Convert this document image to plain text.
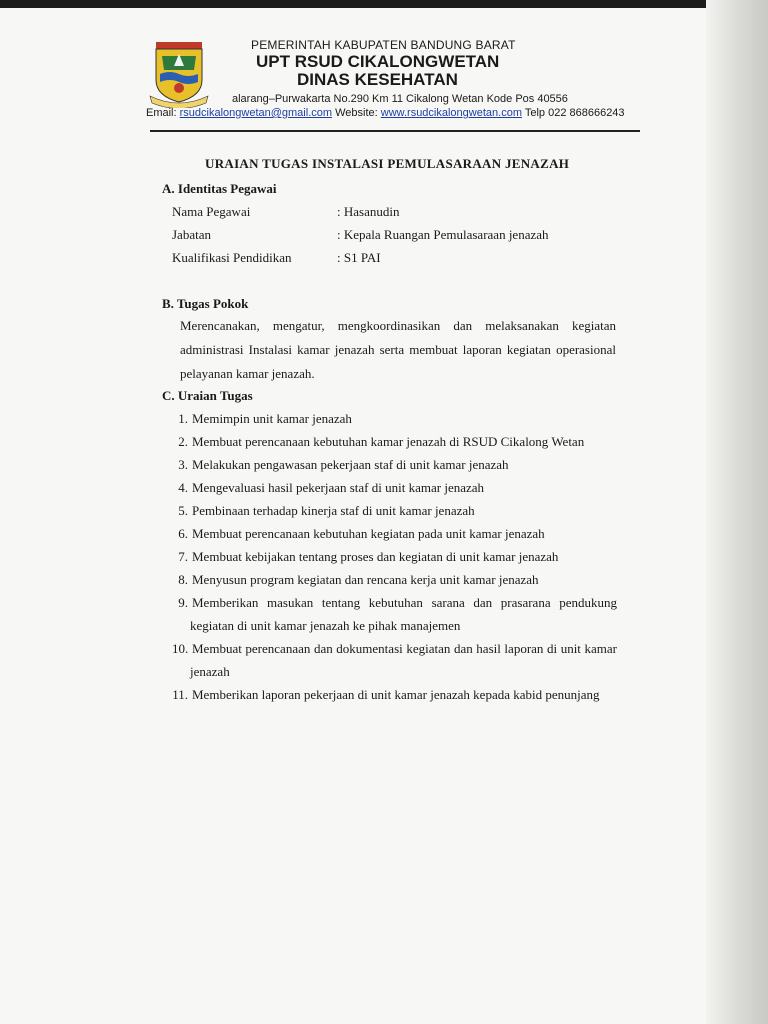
PEMERINTAH KABUPATEN BANDUNG BARAT
UPT RSUD CIKALONGWETAN
DINAS KESEHATAN
alarang–Purwakarta No.290 Km 11 Cikalong Wetan Kode Pos 40556
Email: rsudcikalongwetan@gmail.com Website: www.rsudcikalongwetan.com Telp 022 868666243
URAIAN TUGAS INSTALASI PEMULASARAAN JENAZAH
A. Identitas Pegawai
Nama Pegawai	: Hasanudin
Jabatan	: Kepala Ruangan Pemulasaraan jenazah
Kualifikasi Pendidikan	: S1 PAI
B. Tugas Pokok
Merencanakan, mengatur, mengkoordinasikan dan melaksanakan kegiatan
administrasi Instalasi kamar jenazah serta membuat laporan kegiatan operasional
pelayanan kamar jenazah.
C. Uraian Tugas
1. Memimpin unit kamar jenazah
2. Membuat perencanaan kebutuhan kamar jenazah di RSUD Cikalong Wetan
3. Melakukan pengawasan pekerjaan staf di unit kamar jenazah
4. Mengevaluasi hasil pekerjaan staf di unit kamar jenazah
5. Pembinaan terhadap kinerja staf di unit kamar jenazah
6. Membuat perencanaan kebutuhan kegiatan pada unit kamar jenazah
7. Membuat kebijakan tentang proses dan kegiatan di unit kamar jenazah
8. Menyusun program kegiatan dan rencana kerja unit kamar jenazah
9. Memberikan masukan tentang kebutuhan sarana dan prasarana pendukung
kegiatan di unit kamar jenazah ke pihak manajemen
10. Membuat perencanaan dan dokumentasi kegiatan dan hasil laporan di unit kamar
jenazah
11. Memberikan laporan pekerjaan di unit kamar jenazah kepada kabid penunjang
